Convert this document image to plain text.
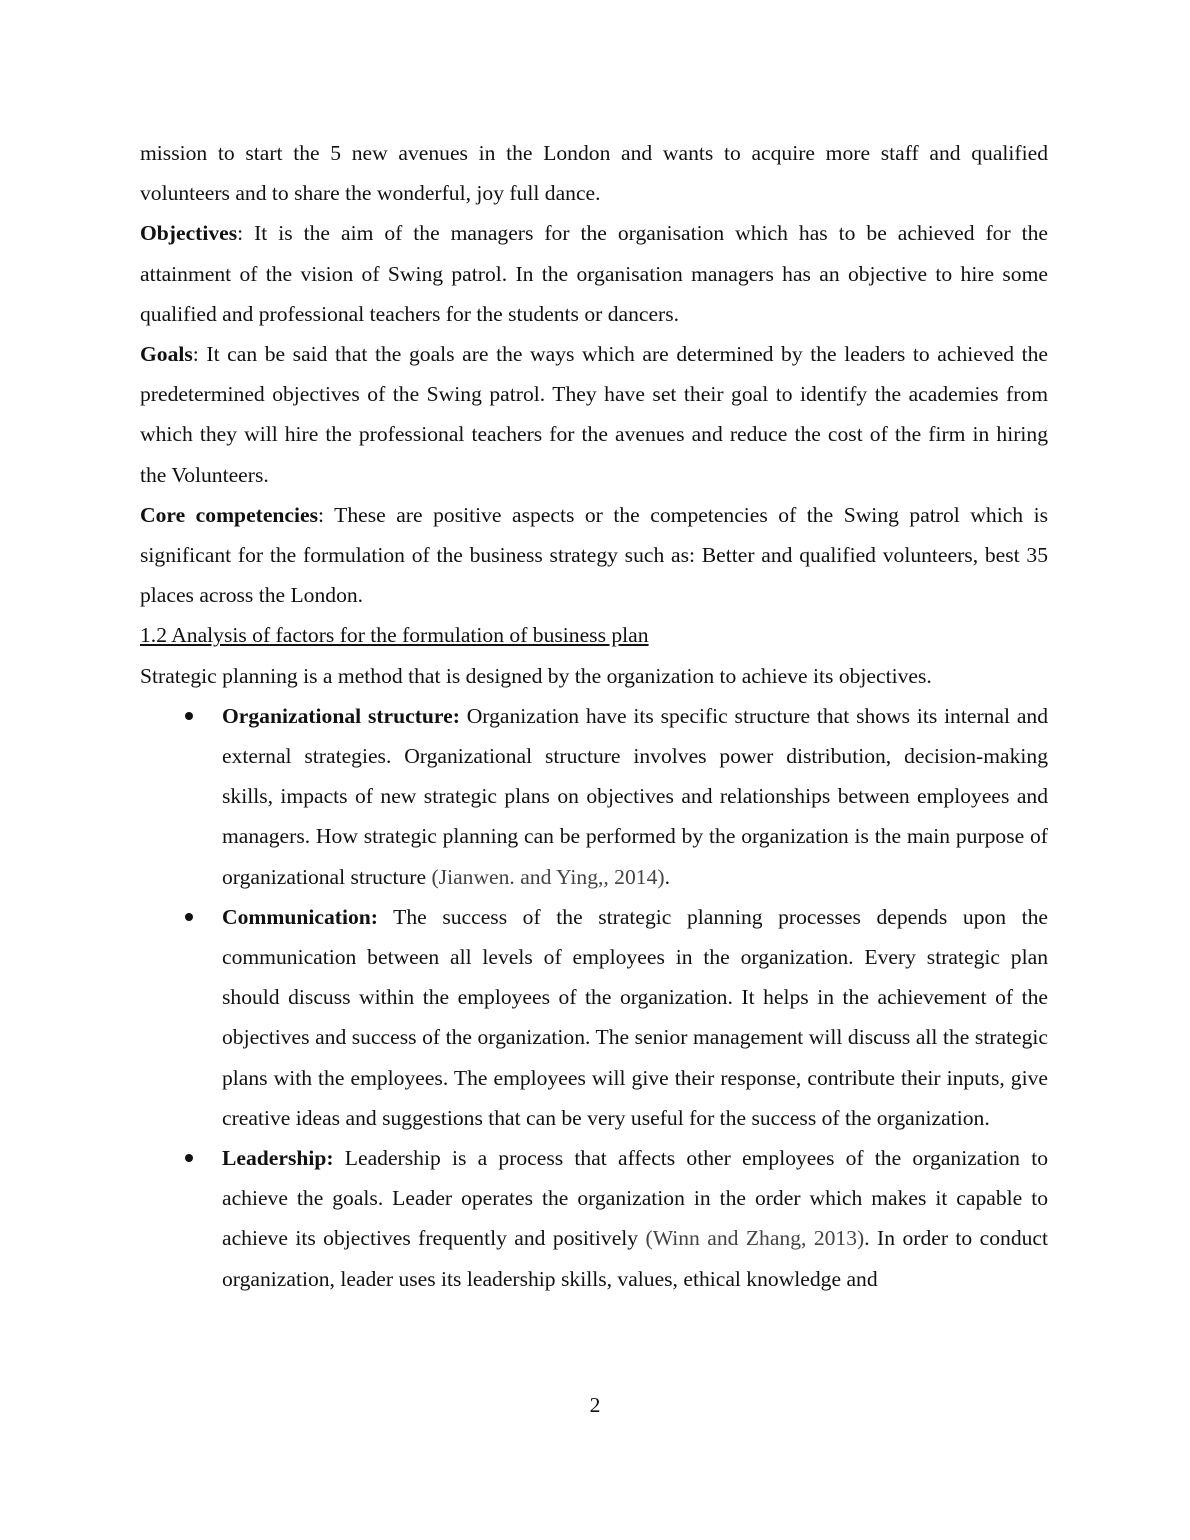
mission to start the 5 new avenues in the London and wants to acquire more staff and qualified volunteers and to share the wonderful, joy full dance.

Objectives: It is the aim of the managers for the organisation which has to be achieved for the attainment of the vision of Swing patrol. In the organisation managers has an objective to hire some qualified and professional teachers for the students or dancers.

Goals: It can be said that the goals are the ways which are determined by the leaders to achieved the predetermined objectives of the Swing patrol. They have set their goal to identify the academies from which they will hire the professional teachers for the avenues and reduce the cost of the firm in hiring the Volunteers.

Core competencies: These are positive aspects or the competencies of the Swing patrol which is significant for the formulation of the business strategy such as: Better and qualified volunteers, best 35 places across the London.

1.2 Analysis of factors for the formulation of business plan

Strategic planning is a method that is designed by the organization to achieve its objectives.

Organizational structure: Organization have its specific structure that shows its internal and external strategies. Organizational structure involves power distribution, decision-making skills, impacts of new strategic plans on objectives and relationships between employees and managers. How strategic planning can be performed by the organization is the main purpose of organizational structure (Jianwen. and Ying,, 2014).
Communication: The success of the strategic planning processes depends upon the communication between all levels of employees in the organization. Every strategic plan should discuss within the employees of the organization. It helps in the achievement of the objectives and success of the organization. The senior management will discuss all the strategic plans with the employees. The employees will give their response, contribute their inputs, give creative ideas and suggestions that can be very useful for the success of the organization.
Leadership: Leadership is a process that affects other employees of the organization to achieve the goals. Leader operates the organization in the order which makes it capable to achieve its objectives frequently and positively (Winn and Zhang, 2013). In order to conduct organization, leader uses its leadership skills, values, ethical knowledge and
2
